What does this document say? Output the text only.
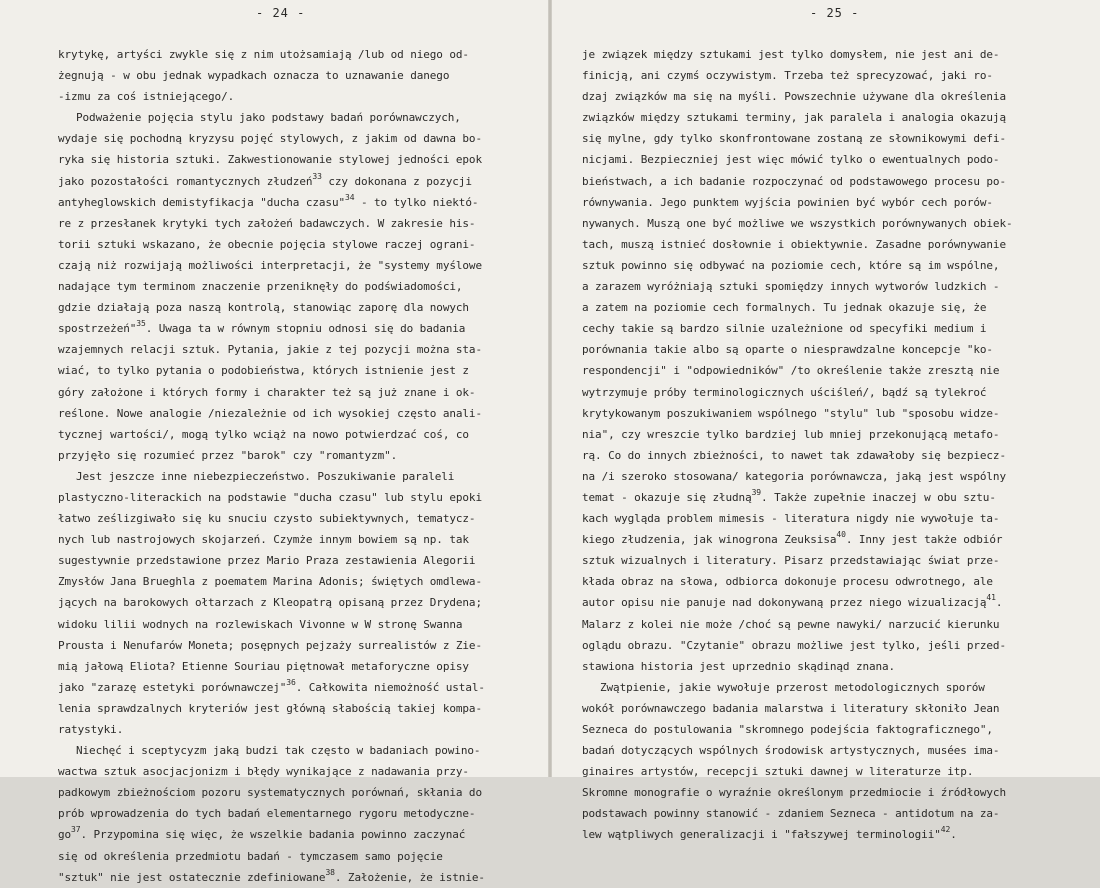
- 24 -
krytykę, artyści zwykle się z nim utożsamiają /lub od niego od-
żegnują - w obu jednak wypadkach oznacza to uznawanie danego
-izmu za coś istniejącego/.
Podważenie pojęcia stylu jako podstawy badań porównawczych,
wydaje się pochodną kryzysu pojęć stylowych, z jakim od dawna bo-
ryka się historia sztuki. Zakwestionowanie stylowej jedności epok
jako pozostałości romantycznych złudzeń$^{33}$ czy dokonana z pozycji
antyheglowskich demistyfikacja "ducha czasu"$^{34}$ - to tylko niektó-
re z przesłanek krytyki tych założeń badawczych. W zakresie his-
torii sztuki wskazano, że obecnie pojęcia stylowe raczej ograni-
czają niż rozwijają możliwości interpretacji, że "systemy myślowe
nadające tym terminom znaczenie przeniknęły do podświadomości,
gdzie działają poza naszą kontrolą, stanowiąc zaporę dla nowych
spostrzeżeń"$^{35}$. Uwaga ta w równym stopniu odnosi się do badania
wzajemnych relacji sztuk. Pytania, jakie z tej pozycji można sta-
wiać, to tylko pytania o podobieństwa, których istnienie jest z
góry założone i których formy i charakter też są już znane i ok-
reślone. Nowe analogie /niezależnie od ich wysokiej często anali-
tycznej wartości/, mogą tylko wciąż na nowo potwierdzać coś, co
przyjęło się rozumieć przez "barok" czy "romantyzm".
Jest jeszcze inne niebezpieczeństwo. Poszukiwanie paraleli
plastyczno-literackich na podstawie "ducha czasu" lub stylu epoki
łatwo ześlizgiwało się ku snuciu czysto subiektywnych, tematycz-
nych lub nastrojowych skojarzeń. Czymże innym bowiem są np. tak
sugestywnie przedstawione przez Mario Praza zestawienia Alegorii
Zmysłów Jana Brueghla z poematem Marina Adonis; świętych omdlewa-
jących na barokowych ołtarzach z Kleopatrą opisaną przez Drydena;
widoku lilii wodnych na rozlewiskach Vivonne w W stronę Swanna
Prousta i Nenufarów Moneta; posępnych pejzaży surrealistów z Zie-
mią jałową Eliota? Etienne Souriau piętnował metaforyczne opisy
jako "zarazę estetyki porównawczej"$^{36}$. Całkowita niemożność ustal-
lenia sprawdzalnych kryteriów jest główną słabością takiej kompa-
ratystyki.
Niechęć i sceptycyzm jaką budzi tak często w badaniach powino-
wactwa sztuk asocjacjonizm i błędy wynikające z nadawania przy-
padkowym zbieżnościom pozoru systematycznych porównań, skłania do
prób wprowadzenia do tych badań elementarnego rygoru metodyczne-
$go^{37}$. Przypomina się więc, że wszelkie badania powinno zaczynać
się od określenia przedmiotu badań - tymczasem samo pojęcie
"sztuk" nie jest ostatecznie zdefiniowane$^{38}$. Założenie, że istnie-
- 25 -
je związek między sztukami jest tylko domysłem, nie jest ani de-
finicją, ani czymś oczywistym. Trzeba też sprecyzować, jaki ro-
dzaj związków ma się na myśli. Powszechnie używane dla określenia
związków między sztukami terminy, jak paralela i analogia okazują
się mylne, gdy tylko skonfrontowane zostaną ze słownikowymi defi-
nicjami. Bezpieczniej jest więc mówić tylko o ewentualnych podo-
bieństwach, a ich badanie rozpoczynać od podstawowego procesu po-
równywania. Jego punktem wyjścia powinien być wybór cech porów-
nywanych. Muszą one być możliwe we wszystkich porównywanych obiek-
tach, muszą istnieć dosłownie i obiektywnie. Zasadne porównywanie
sztuk powinno się odbywać na poziomie cech, które są im wspólne,
a zarazem wyróżniają sztuki spomiędzy innych wytworów ludzkich -
a zatem na poziomie cech formalnych. Tu jednak okazuje się, że
cechy takie są bardzo silnie uzależnione od specyfiki medium i
porównania takie albo są oparte o niesprawdzalne koncepcje "ko-
respondencji" i "odpowiedników" /to określenie także zresztą nie
wytrzymuje próby terminologicznych uściśleń/, bądź są tylekroć
krytykowanym poszukiwaniem wspólnego "stylu" lub "sposobu widze-
nia", czy wreszcie tylko bardziej lub mniej przekonującą metafo-
rą. Co do innych zbieżności, to nawet tak zdawałoby się bezpiecz-
na /i szeroko stosowana/ kategoria porównawcza, jaką jest wspólny
temat - okazuje się złudną$^{39}$. Także zupełnie inaczej w obu sztu-
kach wygląda problem mimesis - literatura nigdy nie wywołuje ta-
kiego złudzenia, jak winogrona Zeuksisa$^{40}$. Inny jest także odbiór
sztuk wizualnych i literatury. Pisarz przedstawiając świat prze-
kłada obraz na słowa, odbiorca dokonuje procesu odwrotnego, ale
autor opisu nie panuje nad dokonywaną przez niego wizualizacją$^{41}$.
Malarz z kolei nie może /choć są pewne nawyki/ narzucić kierunku
oglądu obrazu. "Czytanie" obrazu możliwe jest tylko, jeśli przed-
stawiona historia jest uprzednio skądinąd znana.
Zwątpienie, jakie wywołuje przerost metodologicznych sporów
wokół porównawczego badania malarstwa i literatury skłoniło Jean
Sezneca do postulowania "skromnego podejścia faktograficznego",
badań dotyczących wspólnych środowisk artystycznych, musées ima-
ginaires artystów, recepcji sztuki dawnej w literaturze itp.
Skromne monografie o wyraźnie określonym przedmiocie i źródłowych
podstawach powinny stanowić - zdaniem Sezneca - antidotum na za-
lew wątpliwych generalizacji i "fałszywej terminologii"$^{42}$.
